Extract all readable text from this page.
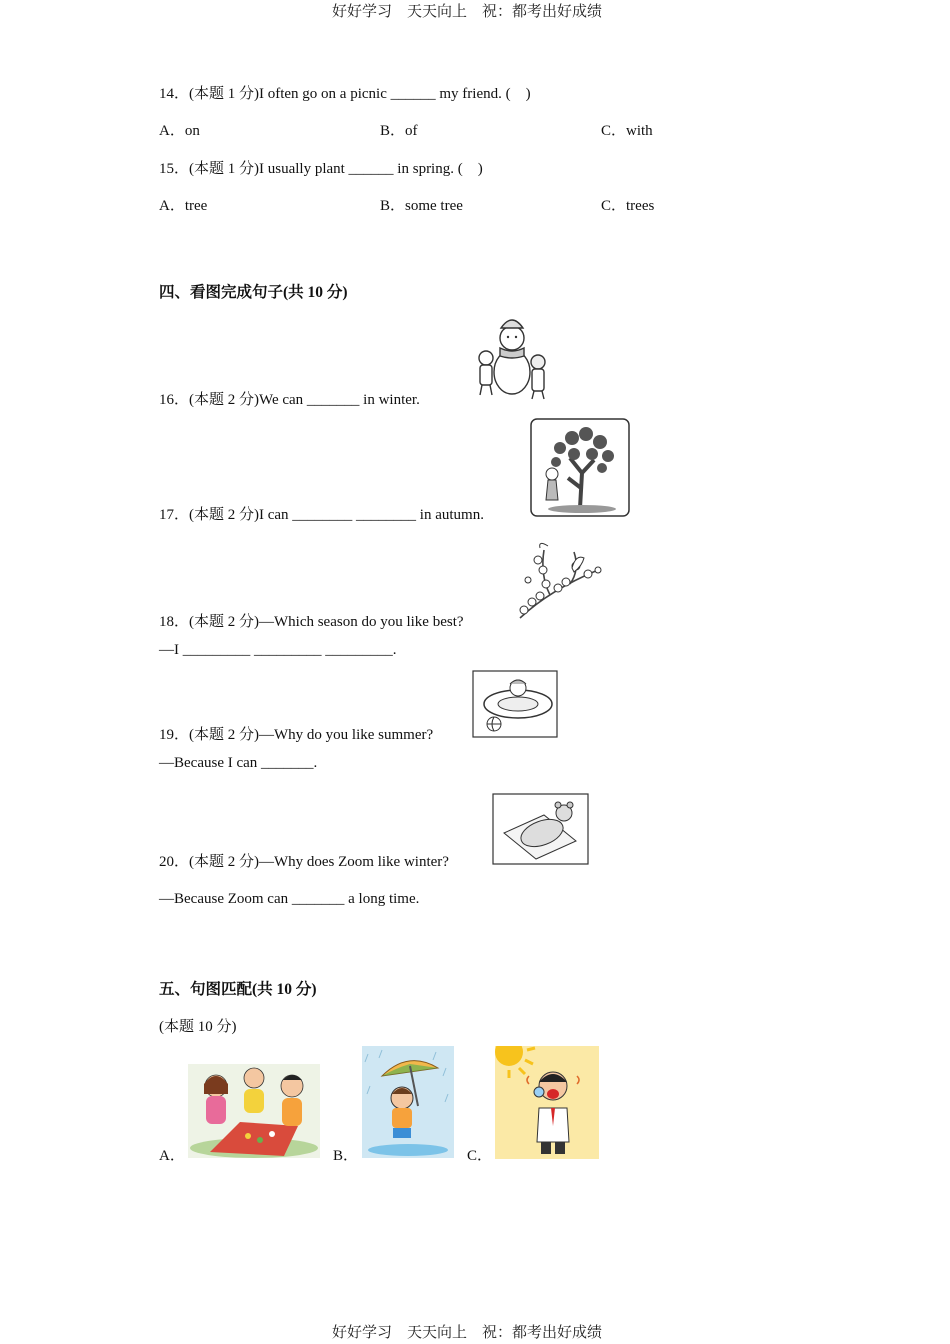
好好学习　天天向上　祝：都考出好成绩
14．(本题 1 分)I often go on a picnic ______ my friend. (　)
A．on	B．of	C．with
15．(本题 1 分)I usually plant ______ in spring. (　)
A．tree	B．some tree	C．trees
四、看图完成句子(共 10 分)
16．(本题 2 分)We can _______ in winter.
17．(本题 2 分)I can ________ ________ in autumn.
18．(本题 2 分)—Which season do you like best?
—I _________ _________ _________.
19．(本题 2 分)—Why do you like summer?
—Because I can _______.
20．(本题 2 分)—Why does Zoom like winter?
—Because Zoom can _______ a long time.
五、句图匹配(共 10 分)
(本题 10 分)
A．	B．	C．
好好学习　天天向上　祝：都考出好成绩
